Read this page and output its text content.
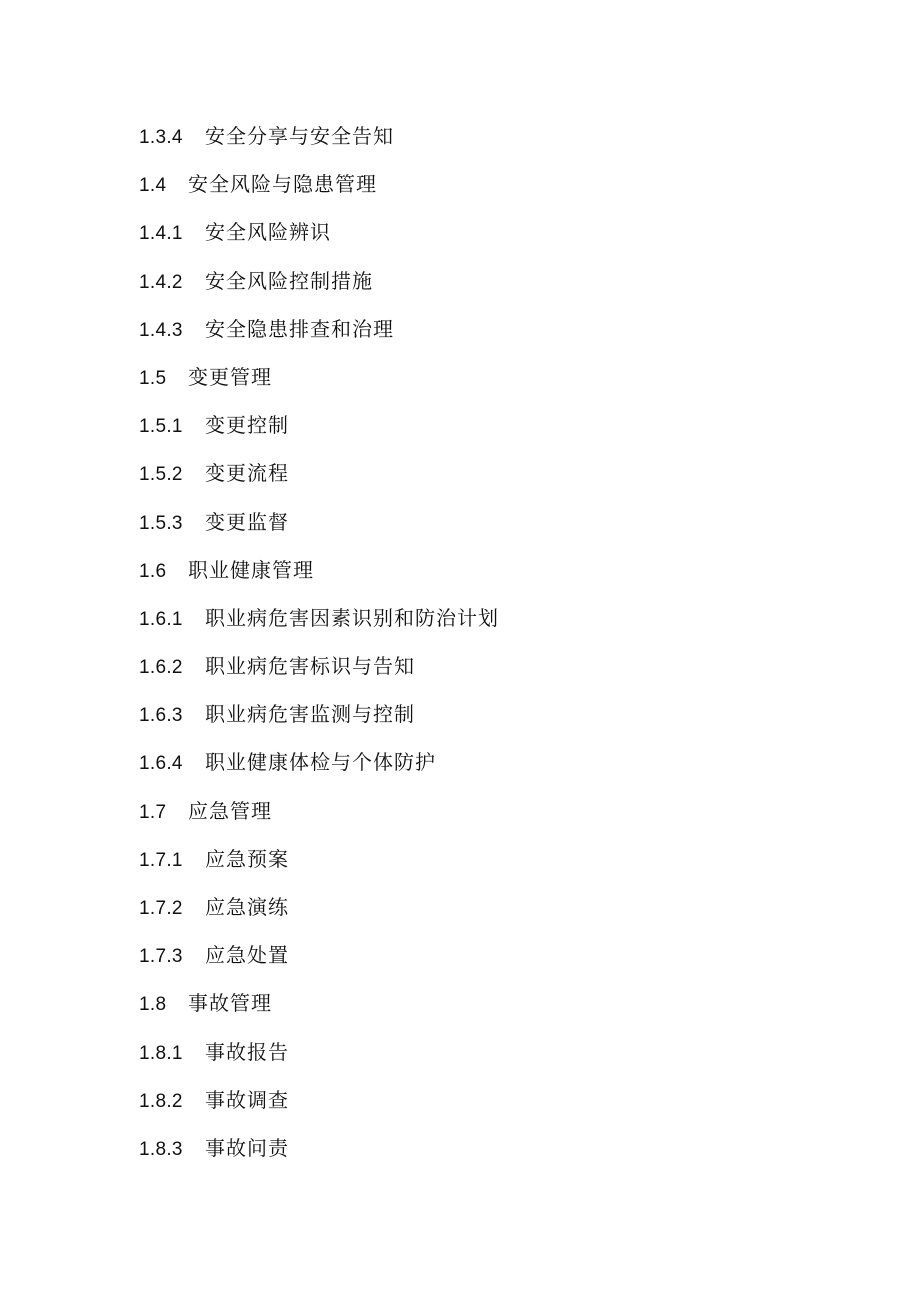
1.3.4 安全分享与安全告知
1.4 安全风险与隐患管理
1.4.1 安全风险辨识
1.4.2 安全风险控制措施
1.4.3 安全隐患排查和治理
1.5 变更管理
1.5.1 变更控制
1.5.2 变更流程
1.5.3 变更监督
1.6 职业健康管理
1.6.1 职业病危害因素识别和防治计划
1.6.2 职业病危害标识与告知
1.6.3 职业病危害监测与控制
1.6.4 职业健康体检与个体防护
1.7 应急管理
1.7.1 应急预案
1.7.2 应急演练
1.7.3 应急处置
1.8 事故管理
1.8.1 事故报告
1.8.2 事故调查
1.8.3 事故问责
